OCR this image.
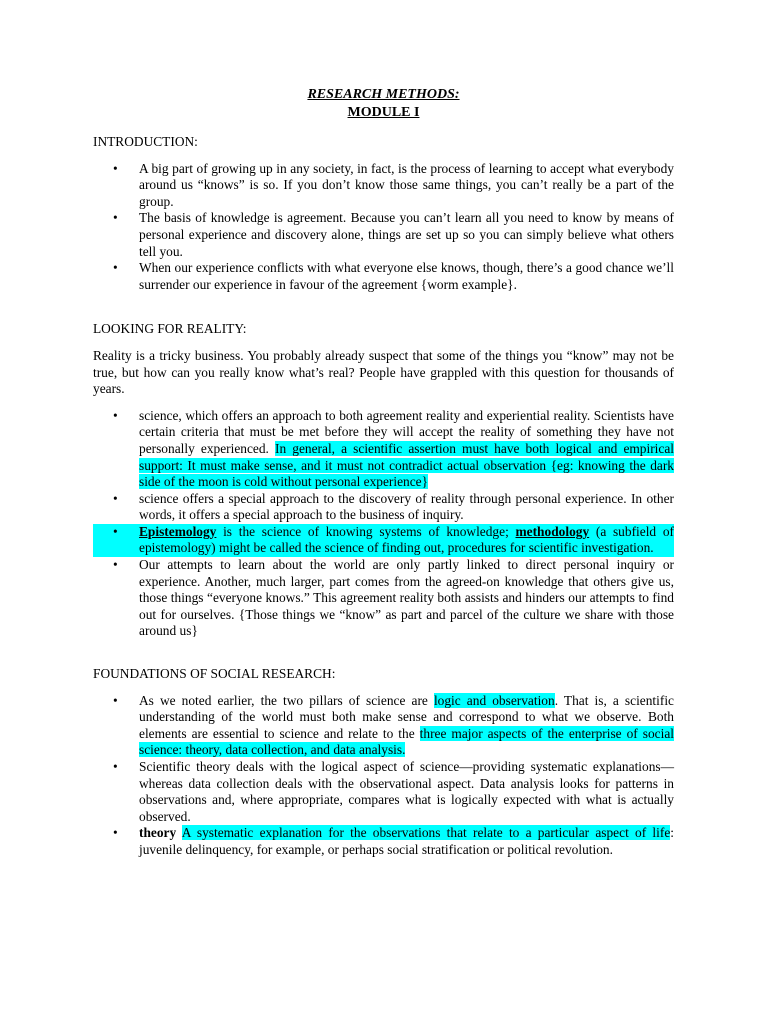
RESEARCH METHODS:
MODULE I

INTRODUCTION:

• A big part of growing up in any society, in fact, is the process of learning to accept what everybody around us “knows” is so. If you don’t know those same things, you can’t really be a part of the group.
• The basis of knowledge is agreement. Because you can’t learn all you need to know by means of personal experience and discovery alone, things are set up so you can simply believe what others tell you.
• When our experience conflicts with what everyone else knows, though, there’s a good chance we’ll surrender our experience in favour of the agreement {worm example}.

LOOKING FOR REALITY:

Reality is a tricky business. You probably already suspect that some of the things you “know” may not be true, but how can you really know what’s real? People have grappled with this question for thousands of years.

• science, which offers an approach to both agreement reality and experiential reality. Scientists have certain criteria that must be met before they will accept the reality of something they have not personally experienced. In general, a scientific assertion must have both logical and empirical support: It must make sense, and it must not contradict actual observation {eg: knowing the dark side of the moon is cold without personal experience}
• science offers a special approach to the discovery of reality through personal experience. In other words, it offers a special approach to the business of inquiry.
• Epistemology is the science of knowing systems of knowledge; methodology (a subfield of epistemology) might be called the science of finding out, procedures for scientific investigation.
• Our attempts to learn about the world are only partly linked to direct personal inquiry or experience. Another, much larger, part comes from the agreed-on knowledge that others give us, those things “everyone knows.” This agreement reality both assists and hinders our attempts to find out for ourselves. {Those things we “know” as part and parcel of the culture we share with those around us}

FOUNDATIONS OF SOCIAL RESEARCH:

• As we noted earlier, the two pillars of science are logic and observation. That is, a scientific understanding of the world must both make sense and correspond to what we observe. Both elements are essential to science and relate to the three major aspects of the enterprise of social science: theory, data collection, and data analysis.
• Scientific theory deals with the logical aspect of science—providing systematic explanations—whereas data collection deals with the observational aspect. Data analysis looks for patterns in observations and, where appropriate, compares what is logically expected with what is actually observed.
• theory A systematic explanation for the observations that relate to a particular aspect of life: juvenile delinquency, for example, or perhaps social stratification or political revolution.
